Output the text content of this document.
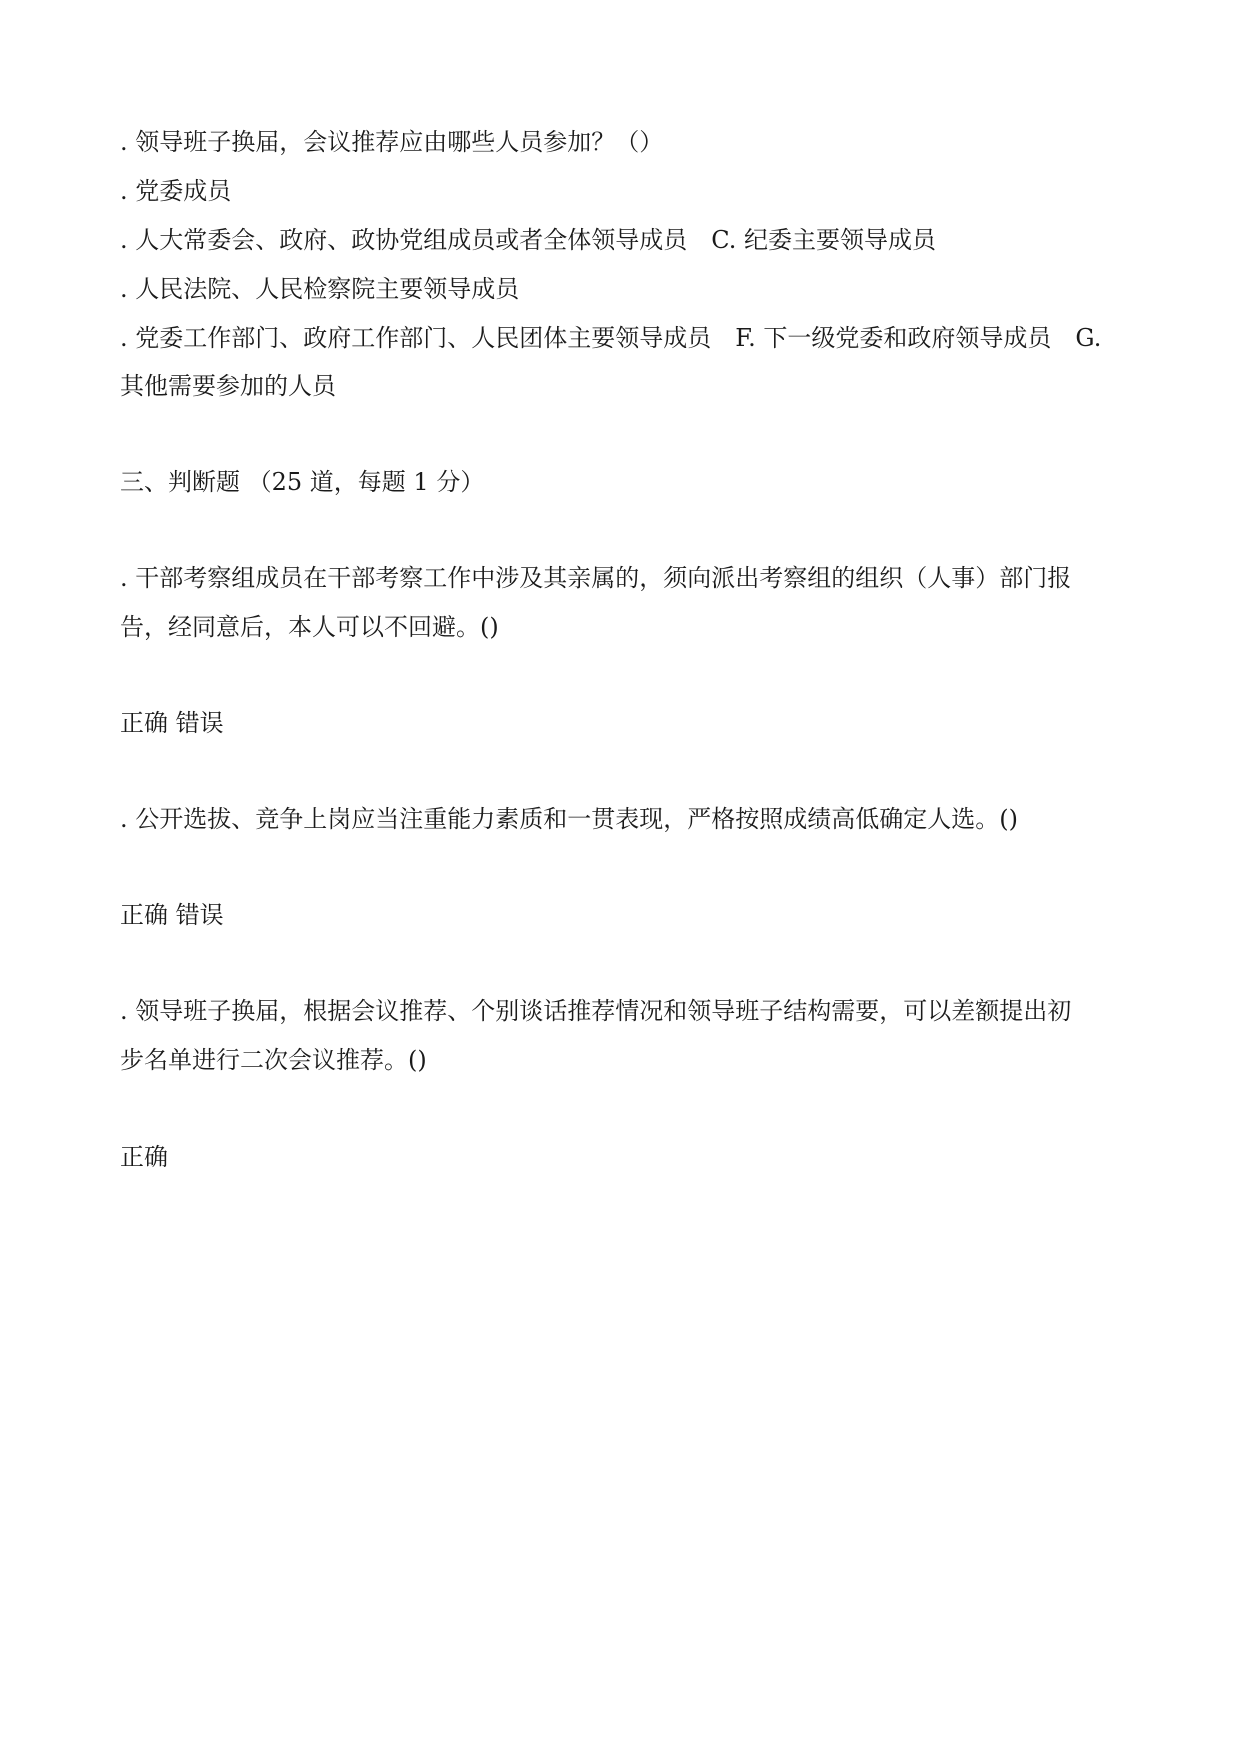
. 领导班子换届，会议推荐应由哪些人员参加？（）
. 党委成员
. 人大常委会、政府、政协党组成员或者全体领导成员　C. 纪委主要领导成员
. 人民法院、人民检察院主要领导成员
. 党委工作部门、政府工作部门、人民团体主要领导成员　F. 下一级党委和政府领导成员　G.
其他需要参加的人员
三、判断题 （25 道，每题 1 分）
. 干部考察组成员在干部考察工作中涉及其亲属的，须向派出考察组的组织（人事）部门报
告，经同意后，本人可以不回避。()
正确 错误
. 公开选拔、竞争上岗应当注重能力素质和一贯表现，严格按照成绩高低确定人选。()
正确 错误
. 领导班子换届，根据会议推荐、个别谈话推荐情况和领导班子结构需要，可以差额提出初
步名单进行二次会议推荐。()
正确
